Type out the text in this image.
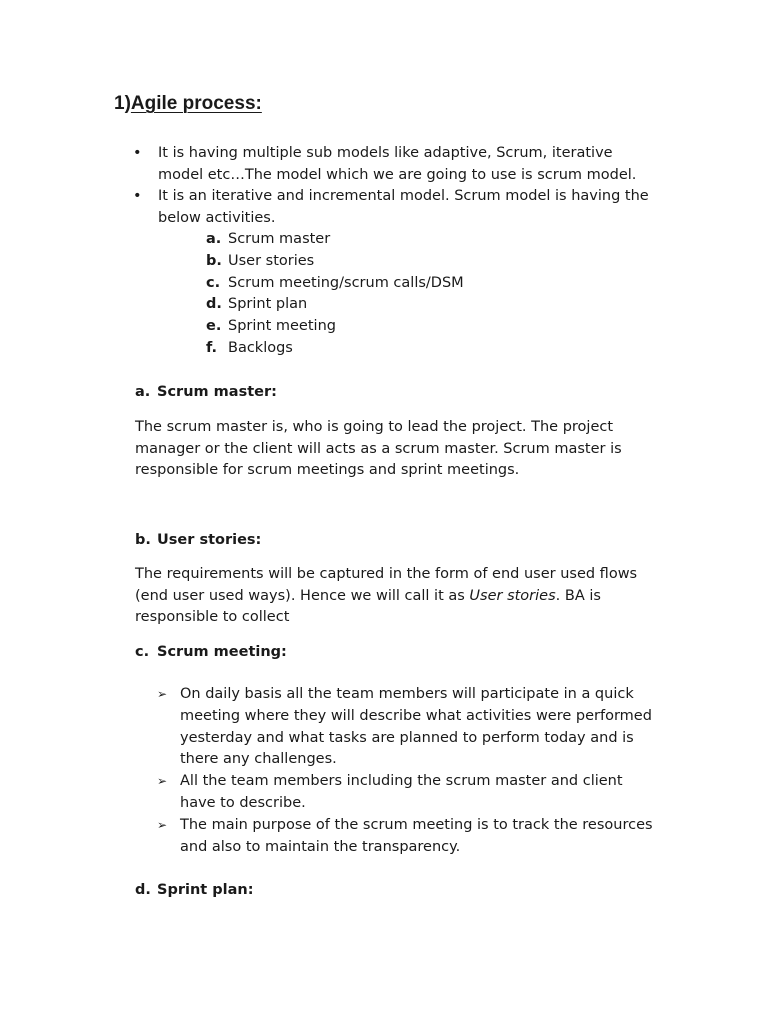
1)Agile process:
• It is having multiple sub models like adaptive, Scrum, iterative
model etc…The model which we are going to use is scrum model.
• It is an iterative and incremental model. Scrum model is having the
below activities.
a. Scrum master
b. User stories
c. Scrum meeting/scrum calls/DSM
d. Sprint plan
e. Sprint meeting
f. Backlogs
a. Scrum master:
The scrum master is, who is going to lead the project. The project
manager or the client will acts as a scrum master. Scrum master is
responsible for scrum meetings and sprint meetings.
b. User stories:
The requirements will be captured in the form of end user used flows
(end user used ways). Hence we will call it as User stories. BA is
responsible to collect
c. Scrum meeting:
➢ On daily basis all the team members will participate in a quick
meeting where they will describe what activities were performed
yesterday and what tasks are planned to perform today and is
there any challenges.
➢ All the team members including the scrum master and client
have to describe.
➢ The main purpose of the scrum meeting is to track the resources
and also to maintain the transparency.
d. Sprint plan:
